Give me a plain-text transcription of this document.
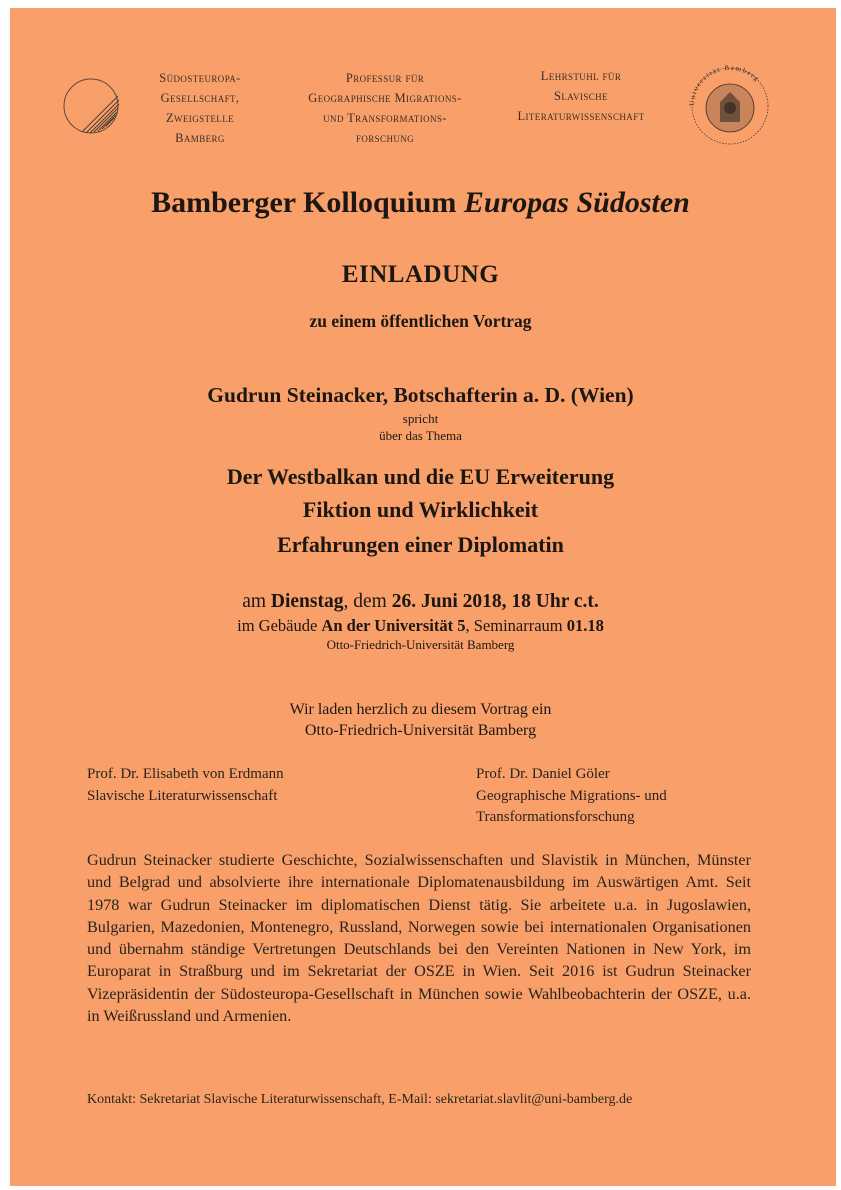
Südosteuropa-
Gesellschaft,
Zweigstelle
Bamberg
Professur für
Geographische Migrations-
und Transformations-
forschung
Lehrstuhl für
Slavische
Literaturwissenschaft
Universität Bamberg
Bamberger Kolloquium Europas Südosten
EINLADUNG
zu einem öffentlichen Vortrag
Gudrun Steinacker, Botschafterin a. D. (Wien)
spricht
über das Thema
Der Westbalkan und die EU Erweiterung
Fiktion und Wirklichkeit
Erfahrungen einer Diplomatin
am Dienstag, dem 26. Juni 2018, 18 Uhr c.t.
im Gebäude An der Universität 5, Seminarraum 01.18
Otto-Friedrich-Universität Bamberg
Wir laden herzlich zu diesem Vortrag ein
Otto-Friedrich-Universität Bamberg
Prof. Dr. Elisabeth von Erdmann
Slavische Literaturwissenschaft
Prof. Dr. Daniel Göler
Geographische Migrations- und
Transformationsforschung
Gudrun Steinacker studierte Geschichte, Sozialwissenschaften und Slavistik in München, Münster und Belgrad und absolvierte ihre internationale Diplomatenausbildung im Auswärtigen Amt. Seit 1978 war Gudrun Steinacker im diplomatischen Dienst tätig. Sie arbeitete u.a. in Jugoslawien, Bulgarien, Mazedonien, Montenegro, Russland, Norwegen sowie bei internationalen Organisationen und übernahm ständige Vertretungen Deutschlands bei den Vereinten Nationen in New York, im Europarat in Straßburg und im Sekretariat der OSZE in Wien. Seit 2016 ist Gudrun Steinacker Vizepräsidentin der Südosteuropa-Gesellschaft in München sowie Wahlbeobachterin der OSZE, u.a. in Weißrussland und Armenien.
Kontakt: Sekretariat Slavische Literaturwissenschaft, E-Mail: sekretariat.slavlit@uni-bamberg.de
